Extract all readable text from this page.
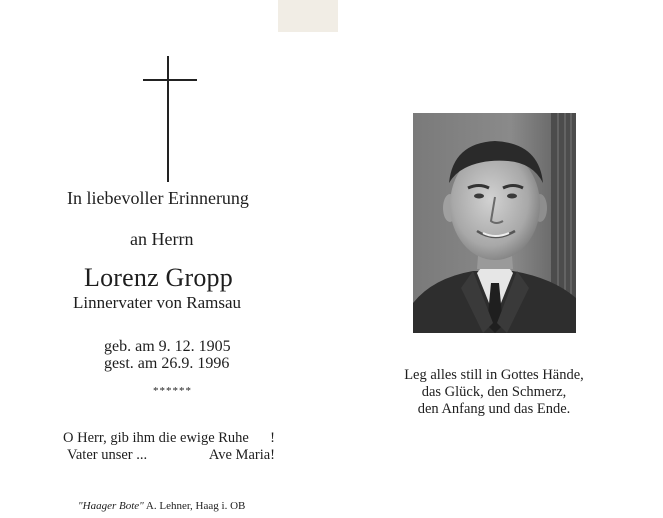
In liebevoller Erinnerung
an Herrn
Lorenz Gropp
Linnervater von Ramsau
geb. am 9. 12. 1905
gest. am 26.9. 1996
******
O Herr, gib ihm die ewige Ruhe !
Vater unser ...	Ave Maria!
"Haager Bote" A. Lehner, Haag i. OB
Leg alles still in Gottes Hände,
das Glück, den Schmerz,
den Anfang und das Ende.
